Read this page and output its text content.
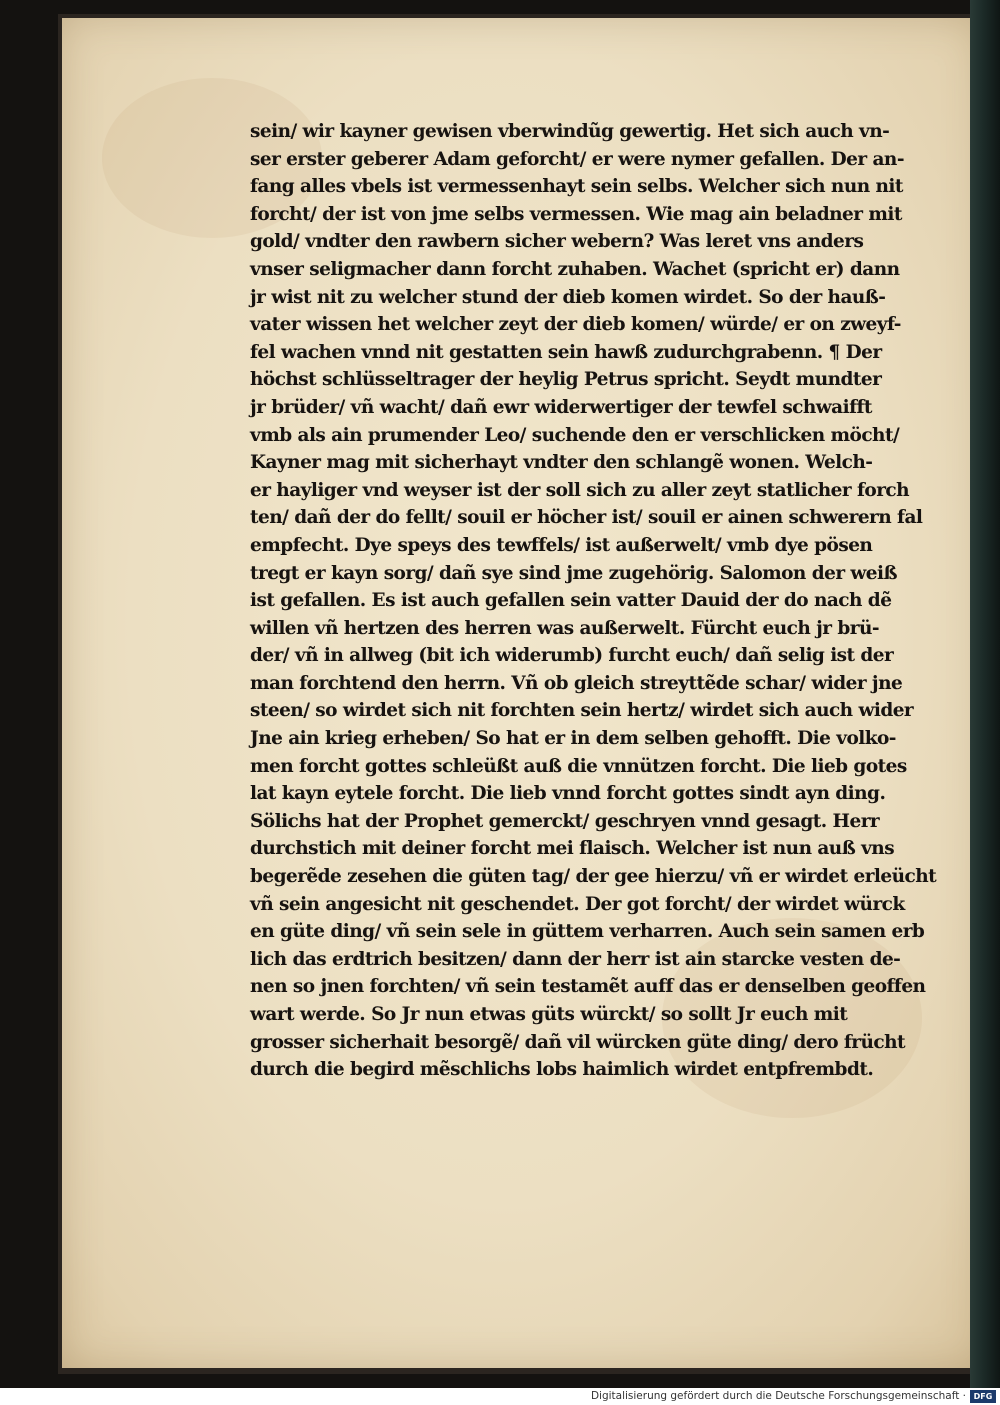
sein/ wir kayner gewisen vberwindũg gewertig. Het sich auch vn-
ser erster geberer Adam geforcht/ er were nymer gefallen. Der an-
fang alles vbels ist vermessenhayt sein selbs. Welcher sich nun nit
forcht/ der ist von jme selbs vermessen. Wie mag ain beladner mit
gold/ vndter den rawbern sicher webern? Was leret vns anders
vnser seligmacher dann forcht zuhaben. Wachet (spricht er) dann
jr wist nit zu welcher stund der dieb komen wirdet. So der hauß-
vater wissen het welcher zeyt der dieb komen/ würde/ er on zweyf-
fel wachen vnnd nit gestatten sein hawß zudurchgrabenn. ¶ Der
höchst schlüsseltrager der heylig Petrus spricht. Seydt mundter
jr brüder/ vñ wacht/ dañ ewr widerwertiger der tewfel schwaifft
vmb als ain prumender Leo/ suchende den er verschlicken möcht/
Kayner mag mit sicherhayt vndter den schlangẽ wonen. Welch-
er hayliger vnd weyser ist der soll sich zu aller zeyt statlicher forch
ten/ dañ der do fellt/ souil er höcher ist/ souil er ainen schwerern fal
empfecht. Dye speys des tewffels/ ist außerwelt/ vmb dye pösen
tregt er kayn sorg/ dañ sye sind jme zugehörig. Salomon der weiß
ist gefallen. Es ist auch gefallen sein vatter Dauid der do nach dẽ
willen vñ hertzen des herren was außerwelt. Fürcht euch jr brü-
der/ vñ in allweg (bit ich widerumb) furcht euch/ dañ selig ist der
man forchtend den herrn. Vñ ob gleich streyttẽde schar/ wider jne
steen/ so wirdet sich nit forchten sein hertz/ wirdet sich auch wider
Jne ain krieg erheben/ So hat er in dem selben gehofft. Die volko-
men forcht gottes schleüßt auß die vnnützen forcht. Die lieb gotes
lat kayn eytele forcht. Die lieb vnnd forcht gottes sindt ayn ding.
Sölichs hat der Prophet gemerckt/ geschryen vnnd gesagt. Herr
durchstich mit deiner forcht mei flaisch. Welcher ist nun auß vns
begerẽde zesehen die güten tag/ der gee hierzu/ vñ er wirdet erleücht
vñ sein angesicht nit geschendet. Der got forcht/ der wirdet würck
en güte ding/ vñ sein sele in güttem verharren. Auch sein samen erb
lich das erdtrich besitzen/ dann der herr ist ain starcke vesten de-
nen so jnen forchten/ vñ sein testamẽt auff das er denselben geoffen
wart werde. So Jr nun etwas güts würckt/ so sollt Jr euch mit
grosser sicherhait besorgẽ/ dañ vil würcken güte ding/ dero frücht
durch die begird mẽschlichs lobs haimlich wirdet entpfrembdt.
Digitalisierung gefördert durch die Deutsche Forschungsgemeinschaft · DFG
